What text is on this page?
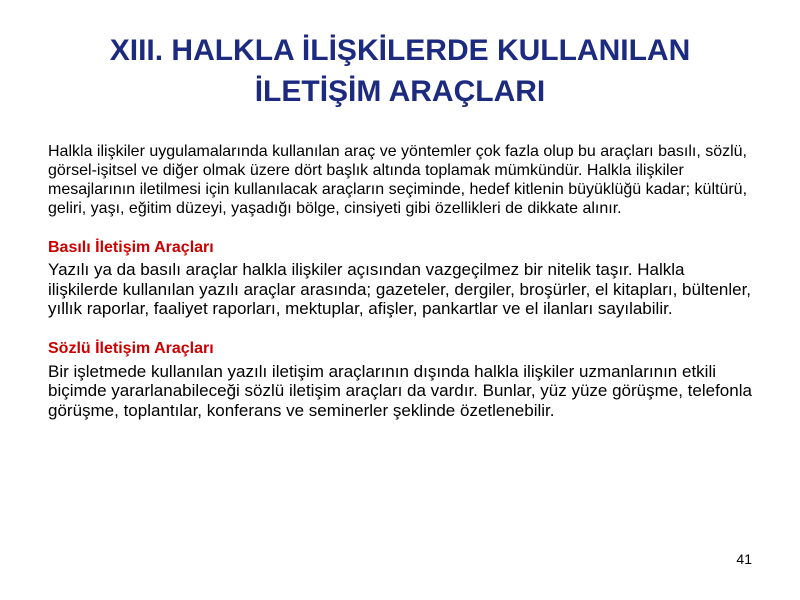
XIII. HALKLA İLİŞKİLERDE KULLANILAN
İLETİŞİM ARAÇLARI

Halkla ilişkiler uygulamalarında kullanılan araç ve yöntemler çok fazla olup bu araçları basılı, sözlü, görsel-işitsel ve diğer olmak üzere dört başlık altında toplamak mümkündür. Halkla ilişkiler mesajlarının iletilmesi için kullanılacak araçların seçiminde, hedef kitlenin büyüklüğü kadar; kültürü, geliri, yaşı, eğitim düzeyi, yaşadığı bölge, cinsiyeti gibi özellikleri de dikkate alınır.

Basılı İletişim Araçları

Yazılı ya da basılı araçlar halkla ilişkiler açısından vazgeçilmez bir nitelik taşır. Halkla ilişkilerde kullanılan yazılı araçlar arasında; gazeteler, dergiler, broşürler, el kitapları, bültenler, yıllık raporlar, faaliyet raporları, mektuplar, afişler, pankartlar ve el ilanları sayılabilir.

Sözlü İletişim Araçları

Bir işletmede kullanılan yazılı iletişim araçlarının dışında halkla ilişkiler uzmanlarının etkili biçimde yararlanabileceği sözlü iletişim araçları da vardır. Bunlar, yüz yüze görüşme, telefonla görüşme, toplantılar, konferans ve seminerler şeklinde özetlenebilir.

41
